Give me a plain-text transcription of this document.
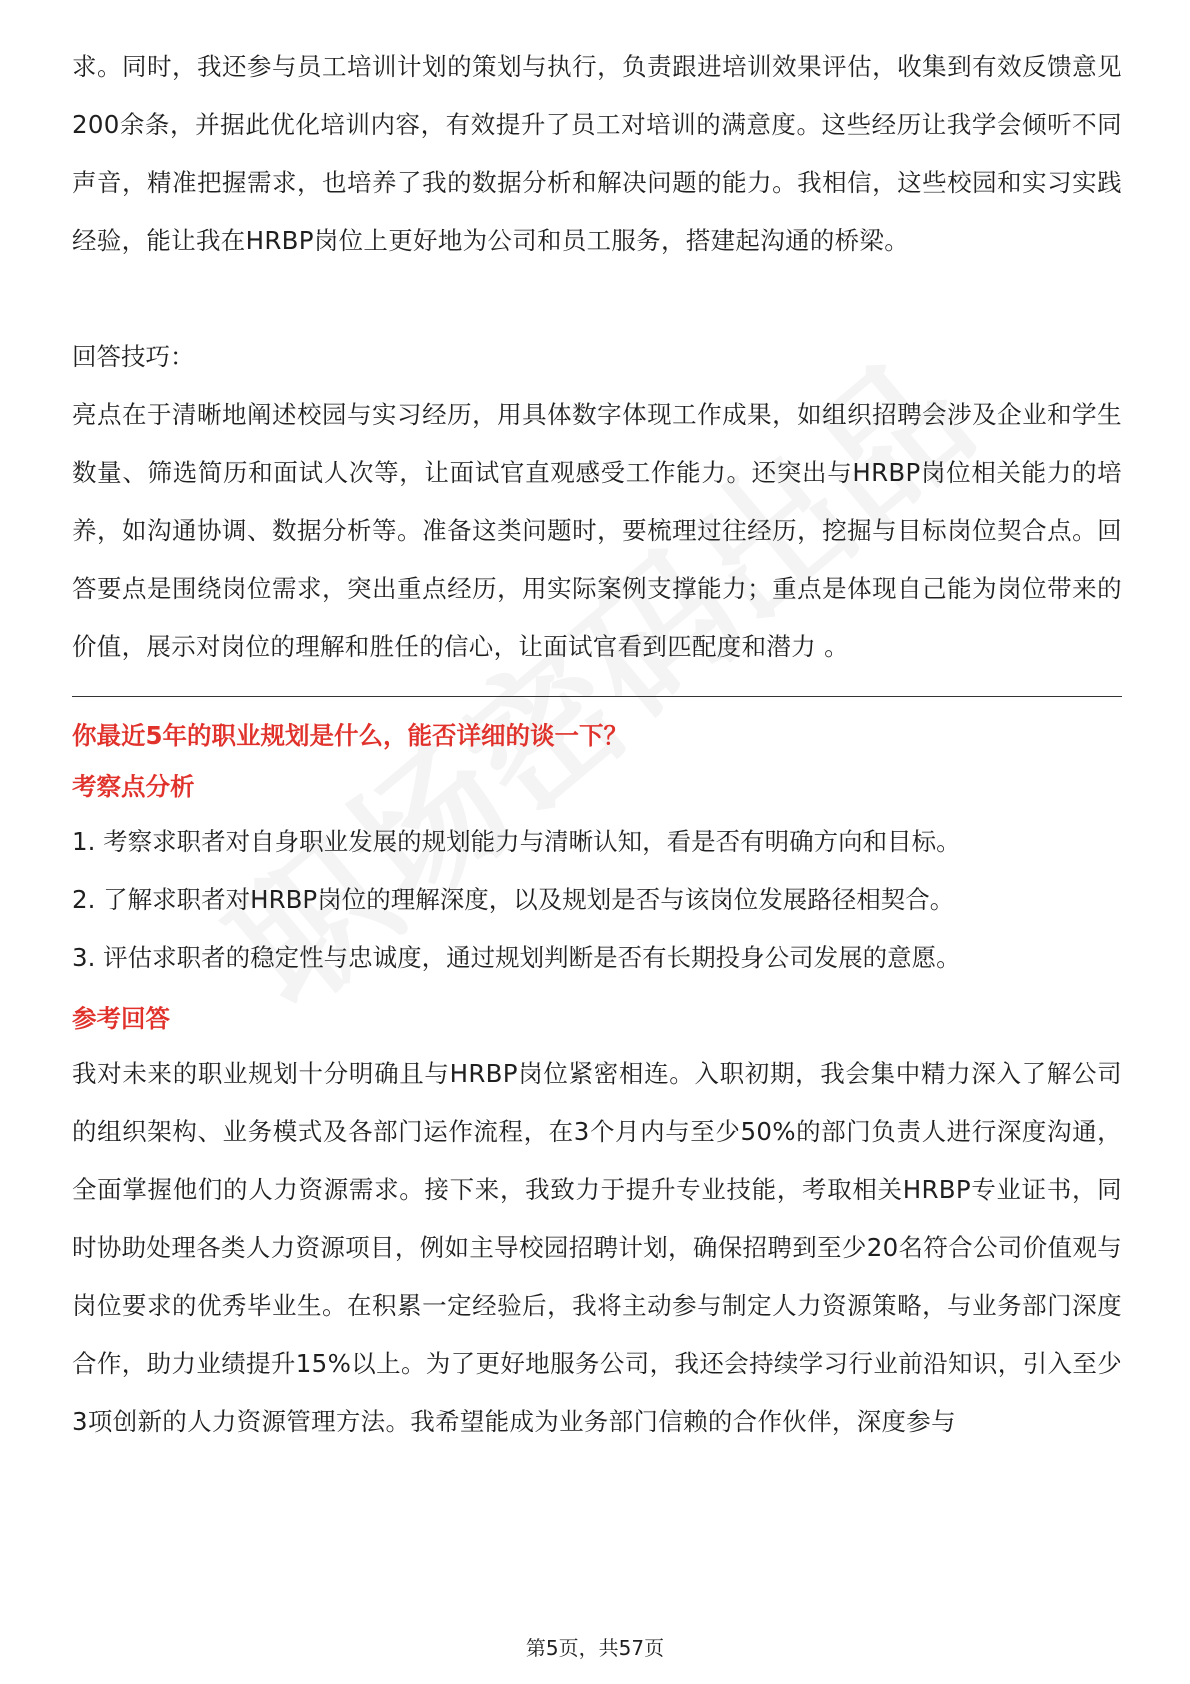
求。同时，我还参与员工培训计划的策划与执行，负责跟进培训效果评估，收集到有效反馈意见200余条，并据此优化培训内容，有效提升了员工对培训的满意度。这些经历让我学会倾听不同声音，精准把握需求，也培养了我的数据分析和解决问题的能力。我相信，这些校园和实习实践经验，能让我在HRBP岗位上更好地为公司和员工服务，搭建起沟通的桥梁。

回答技巧：

亮点在于清晰地阐述校园与实习经历，用具体数字体现工作成果，如组织招聘会涉及企业和学生数量、筛选简历和面试人次等，让面试官直观感受工作能力。还突出与HRBP岗位相关能力的培养，如沟通协调、数据分析等。准备这类问题时，要梳理过往经历，挖掘与目标岗位契合点。回答要点是围绕岗位需求，突出重点经历，用实际案例支撑能力；重点是体现自己能为岗位带来的价值，展示对岗位的理解和胜任的信心，让面试官看到匹配度和潜力 。

你最近5年的职业规划是什么，能否详细的谈一下？

考察点分析

1. 考察求职者对自身职业发展的规划能力与清晰认知，看是否有明确方向和目标。

2. 了解求职者对HRBP岗位的理解深度，以及规划是否与该岗位发展路径相契合。

3. 评估求职者的稳定性与忠诚度，通过规划判断是否有长期投身公司发展的意愿。

参考回答

我对未来的职业规划十分明确且与HRBP岗位紧密相连。入职初期，我会集中精力深入了解公司的组织架构、业务模式及各部门运作流程，在3个月内与至少50%的部门负责人进行深度沟通，全面掌握他们的人力资源需求。接下来，我致力于提升专业技能，考取相关HRBP专业证书，同时协助处理各类人力资源项目，例如主导校园招聘计划，确保招聘到至少20名符合公司价值观与岗位要求的优秀毕业生。在积累一定经验后，我将主动参与制定人力资源策略，与业务部门深度合作，助力业绩提升15%以上。为了更好地服务公司，我还会持续学习行业前沿知识，引入至少3项创新的人力资源管理方法。我希望能成为业务部门信赖的合作伙伴，深度参与

第5页，共57页
